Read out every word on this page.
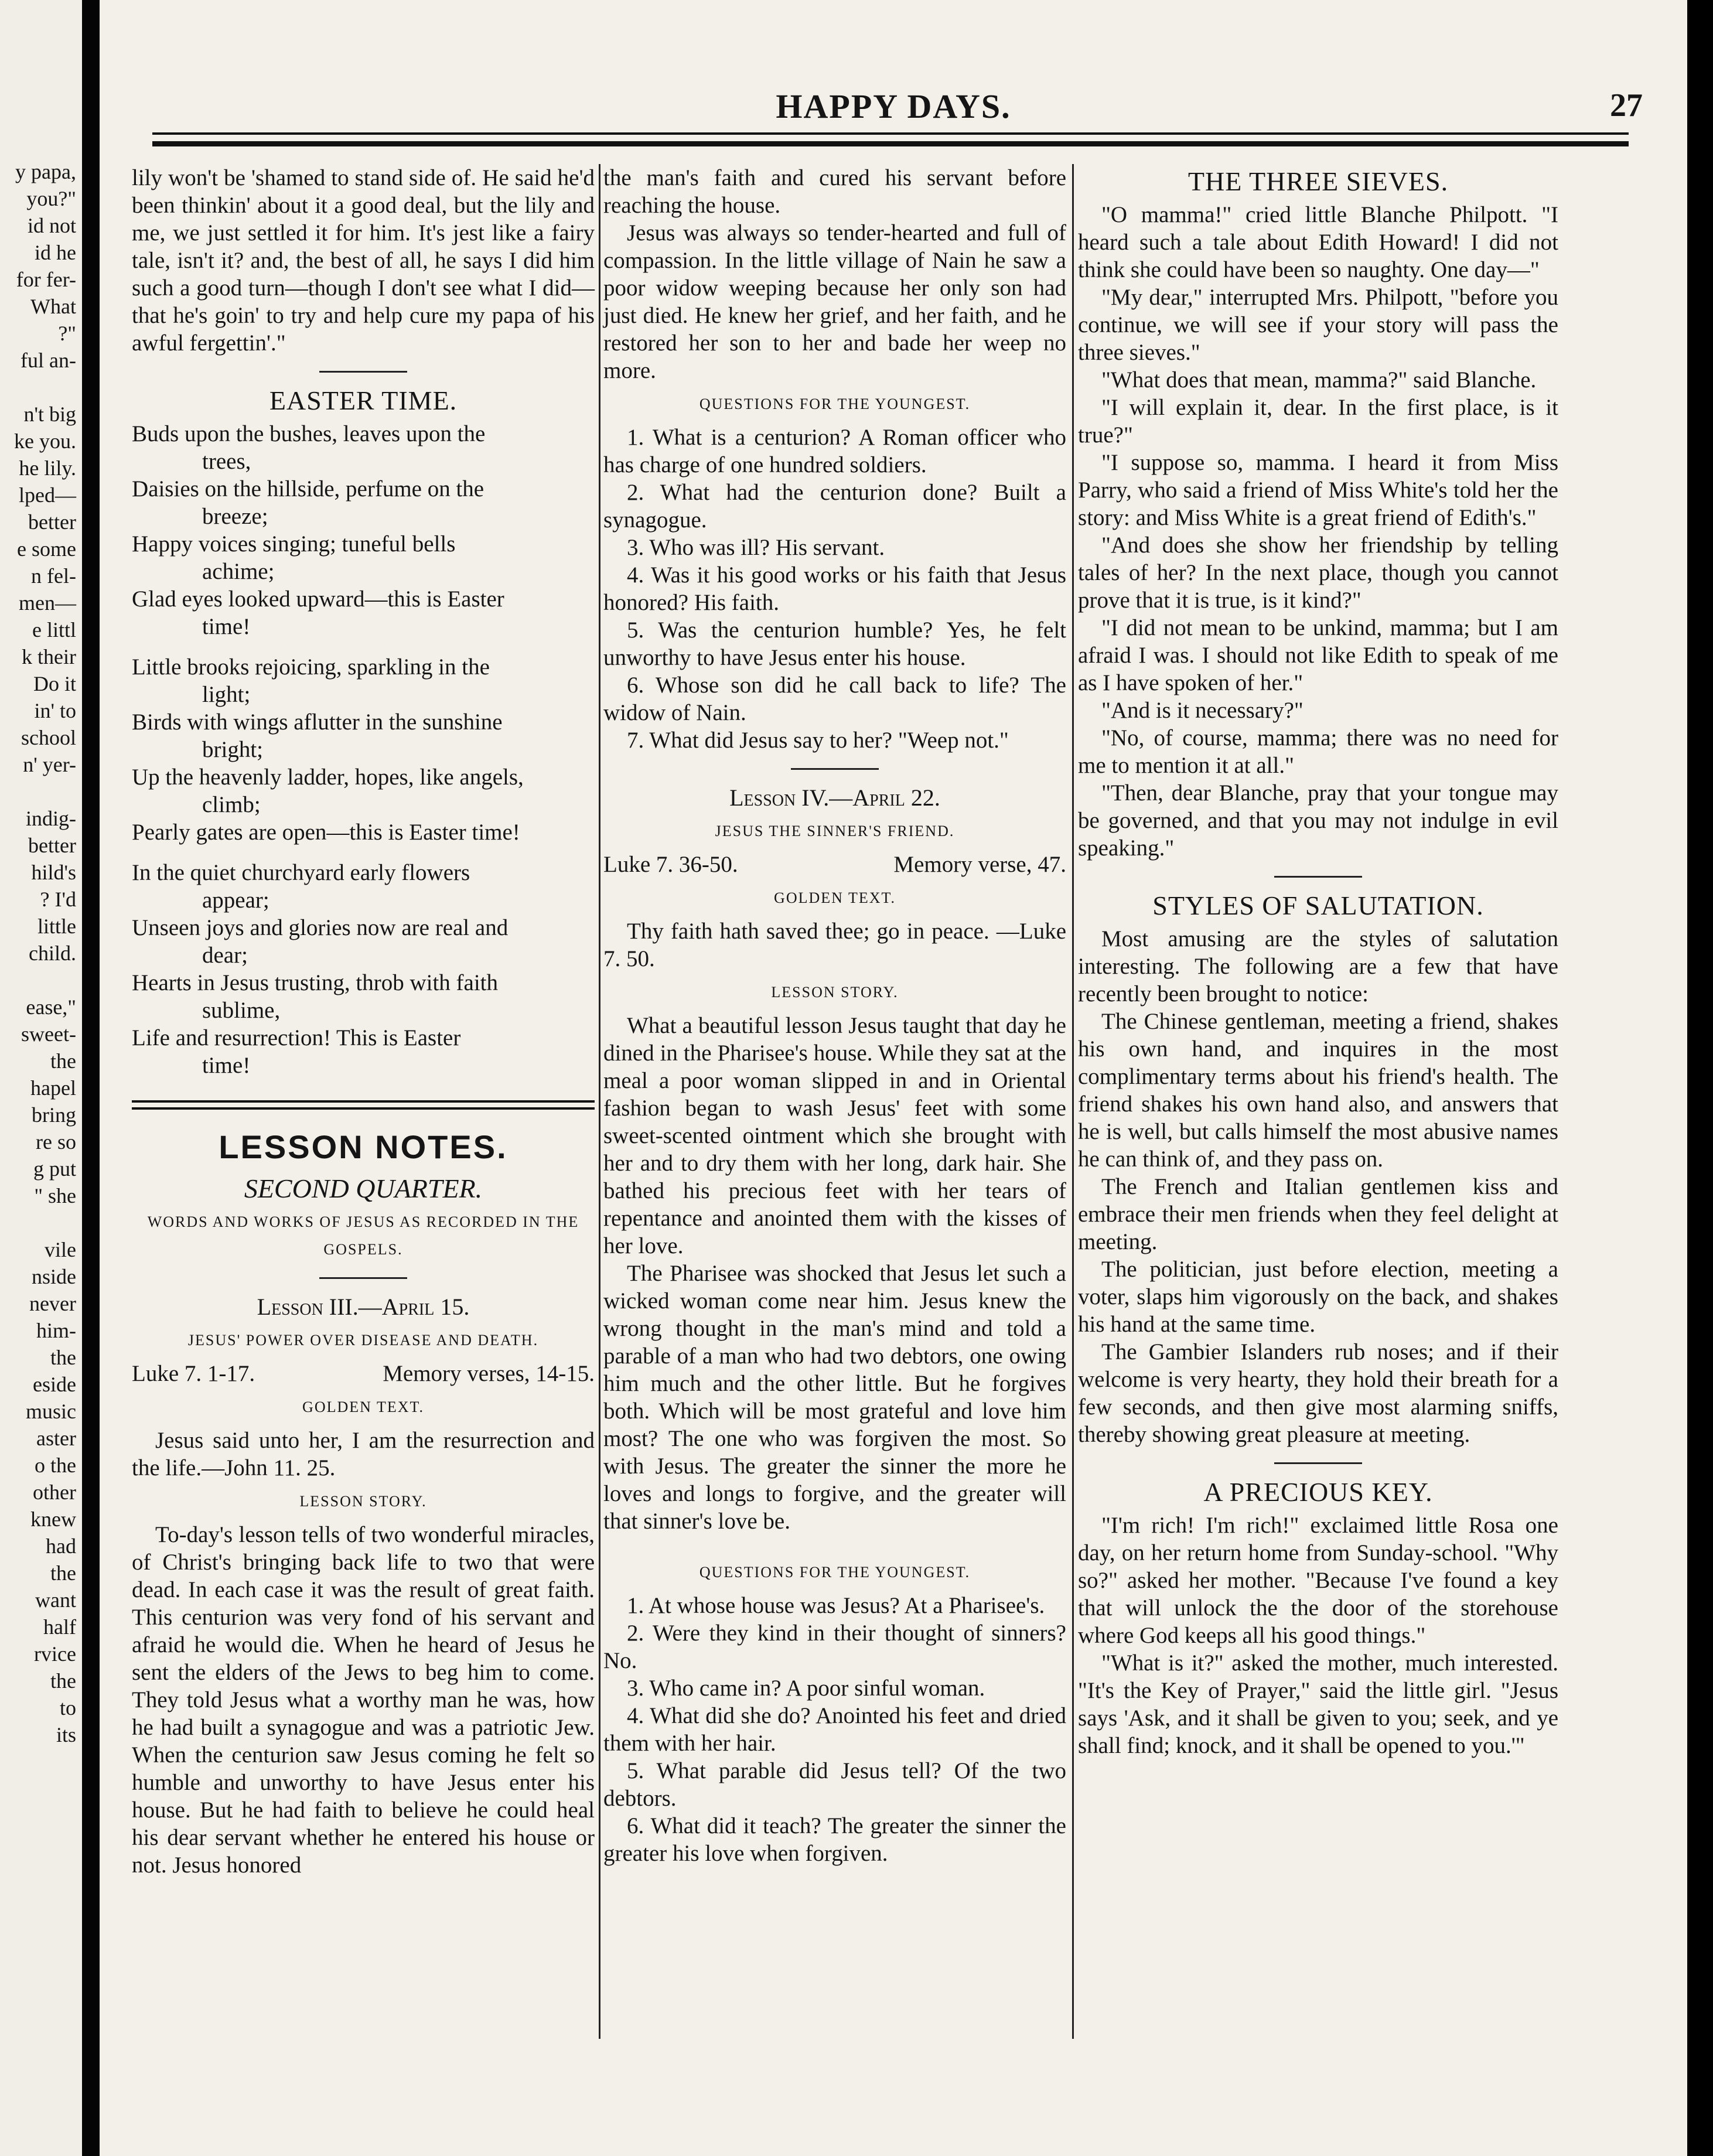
y papa,
you?"
id not
id he
for fer-
What
?"
ful an-

n't big
ke you.
he lily.
lped—
better
e some
n fel-
men—
e littl
k their
Do it
in' to
school
n' yer-

indig-
better
hild's
? I'd
little
child.

ease,"
sweet-
the
hapel
bring
re so
g put
" she

vile
nside
never
him-
the
eside
music
aster
o the
other
knew
had
the
want
half
rvice
the
to
its
HAPPY DAYS.	27

lily won't be 'shamed to stand side of. He said he'd been thinkin' about it a good deal, but the lily and me, we just settled it for him. It's jest like a fairy tale, isn't it? and, the best of all, he says I did him such a good turn—though I don't see what I did—that he's goin' to try and help cure my papa of his awful fergettin'."

EASTER TIME.
Buds upon the bushes, leaves upon the
trees,
Daisies on the hillside, perfume on the
breeze;
Happy voices singing; tuneful bells
achime;
Glad eyes looked upward—this is Easter
time!
Little brooks rejoicing, sparkling in the
light;
Birds with wings aflutter in the sunshine
bright;
Up the heavenly ladder, hopes, like angels,
climb;
Pearly gates are open—this is Easter time!
In the quiet churchyard early flowers
appear;
Unseen joys and glories now are real and
dear;
Hearts in Jesus trusting, throb with faith
sublime,
Life and resurrection! This is Easter
time!
LESSON NOTES.
SECOND QUARTER.
WORDS AND WORKS OF JESUS AS RECORDED IN THE GOSPELS.
Lesson III.—April 15.
JESUS' POWER OVER DISEASE AND DEATH.
Luke 7. 1-17.	Memory verses, 14-15.
GOLDEN TEXT.

Jesus said unto her, I am the resurrection and the life.—John 11. 25.

LESSON STORY.

To-day's lesson tells of two wonderful miracles, of Christ's bringing back life to two that were dead. In each case it was the result of great faith. This centurion was very fond of his servant and afraid he would die. When he heard of Jesus he sent the elders of the Jews to beg him to come. They told Jesus what a worthy man he was, how he had built a synagogue and was a patriotic Jew. When the centurion saw Jesus coming he felt so humble and unworthy to have Jesus enter his house. But he had faith to believe he could heal his dear servant whether he entered his house or not. Jesus honored

the man's faith and cured his servant before reaching the house.

Jesus was always so tender-hearted and full of compassion. In the little village of Nain he saw a poor widow weeping because her only son had just died. He knew her grief, and her faith, and he restored her son to her and bade her weep no more.

QUESTIONS FOR THE YOUNGEST.
1. What is a centurion? A Roman officer who has charge of one hundred soldiers.
2. What had the centurion done? Built a synagogue.
3. Who was ill? His servant.
4. Was it his good works or his faith that Jesus honored? His faith.
5. Was the centurion humble? Yes, he felt unworthy to have Jesus enter his house.
6. Whose son did he call back to life? The widow of Nain.
7. What did Jesus say to her? "Weep not."
Lesson IV.—April 22.
JESUS THE SINNER'S FRIEND.
Luke 7. 36-50.	Memory verse, 47.
GOLDEN TEXT.

Thy faith hath saved thee; go in peace. —Luke 7. 50.

LESSON STORY.

What a beautiful lesson Jesus taught that day he dined in the Pharisee's house. While they sat at the meal a poor woman slipped in and in Oriental fashion began to wash Jesus' feet with some sweet-scented ointment which she brought with her and to dry them with her long, dark hair. She bathed his precious feet with her tears of repentance and anointed them with the kisses of her love.

The Pharisee was shocked that Jesus let such a wicked woman come near him. Jesus knew the wrong thought in the man's mind and told a parable of a man who had two debtors, one owing him much and the other little. But he forgives both. Which will be most grateful and love him most? The one who was forgiven the most. So with Jesus. The greater the sinner the more he loves and longs to forgive, and the greater will that sinner's love be.

QUESTIONS FOR THE YOUNGEST.
1. At whose house was Jesus? At a Pharisee's.
2. Were they kind in their thought of sinners? No.
3. Who came in? A poor sinful woman.
4. What did she do? Anointed his feet and dried them with her hair.
5. What parable did Jesus tell? Of the two debtors.
6. What did it teach? The greater the sinner the greater his love when forgiven.
THE THREE SIEVES.
"O mamma!" cried little Blanche Philpott. "I heard such a tale about Edith Howard! I did not think she could have been so naughty. One day—"
"My dear," interrupted Mrs. Philpott, "before you continue, we will see if your story will pass the three sieves."
"What does that mean, mamma?" said Blanche.
"I will explain it, dear. In the first place, is it true?"
"I suppose so, mamma. I heard it from Miss Parry, who said a friend of Miss White's told her the story: and Miss White is a great friend of Edith's."
"And does she show her friendship by telling tales of her? In the next place, though you cannot prove that it is true, is it kind?"
"I did not mean to be unkind, mamma; but I am afraid I was. I should not like Edith to speak of me as I have spoken of her."
"And is it necessary?"
"No, of course, mamma; there was no need for me to mention it at all."
"Then, dear Blanche, pray that your tongue may be governed, and that you may not indulge in evil speaking."
STYLES OF SALUTATION.
Most amusing are the styles of salutation interesting. The following are a few that have recently been brought to notice:
The Chinese gentleman, meeting a friend, shakes his own hand, and inquires in the most complimentary terms about his friend's health. The friend shakes his own hand also, and answers that he is well, but calls himself the most abusive names he can think of, and they pass on.
The French and Italian gentlemen kiss and embrace their men friends when they feel delight at meeting.
The politician, just before election, meeting a voter, slaps him vigorously on the back, and shakes his hand at the same time.
The Gambier Islanders rub noses; and if their welcome is very hearty, they hold their breath for a few seconds, and then give most alarming sniffs, thereby showing great pleasure at meeting.
A PRECIOUS KEY.
"I'm rich! I'm rich!" exclaimed little Rosa one day, on her return home from Sunday-school. "Why so?" asked her mother. "Because I've found a key that will unlock the the door of the storehouse where God keeps all his good things."
"What is it?" asked the mother, much interested. "It's the Key of Prayer," said the little girl. "Jesus says 'Ask, and it shall be given to you; seek, and ye shall find; knock, and it shall be opened to you.'"
